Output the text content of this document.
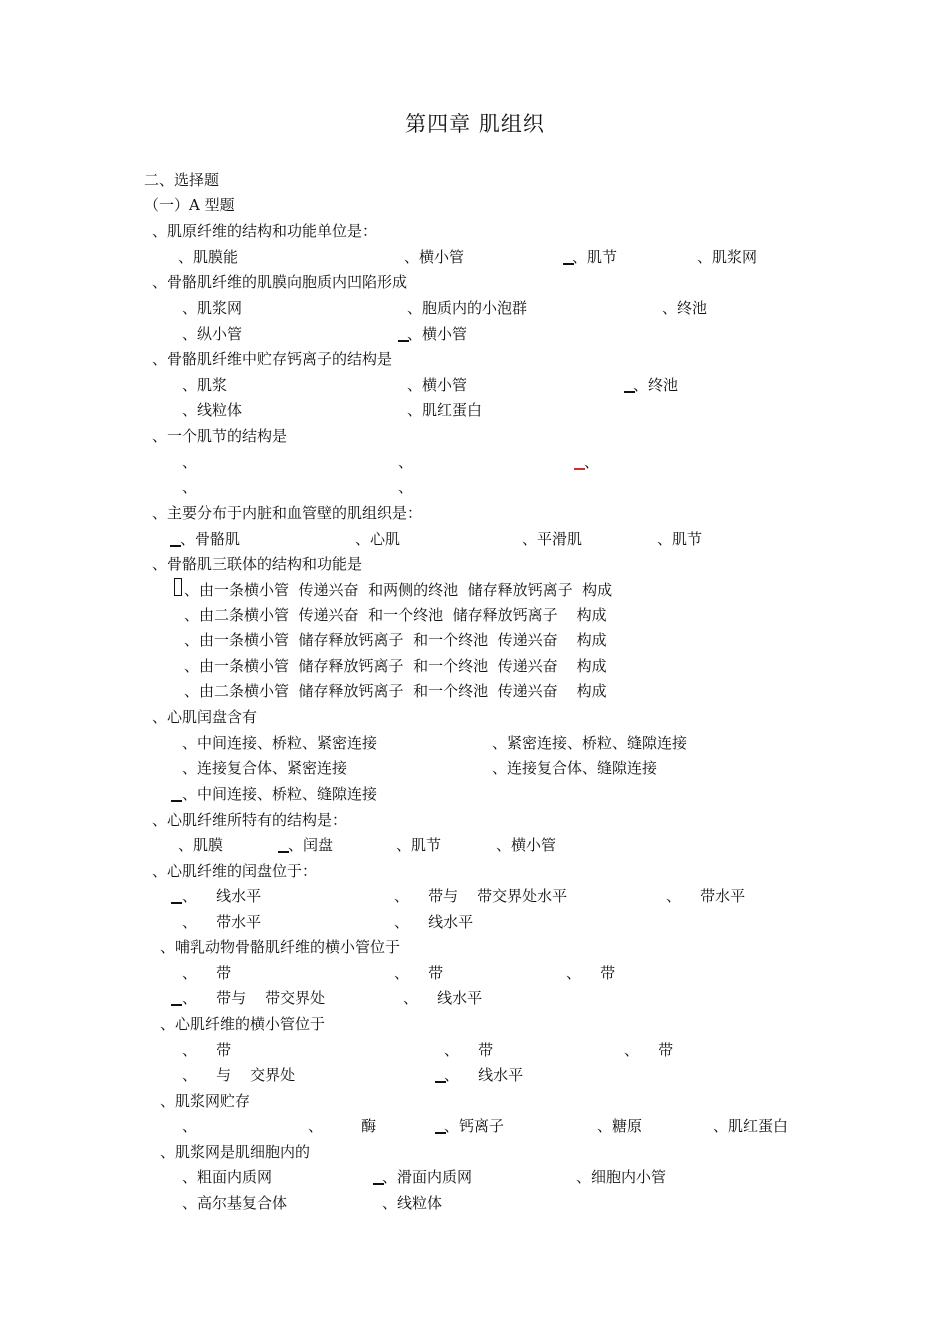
第四章 肌组织
二、选择题
（一）A 型题
、肌原纤维的结构和功能单位是：
、肌膜能	、横小管	、肌节	、肌浆网
、骨骼肌纤维的肌膜向胞质内凹陷形成
、肌浆网	、胞质内的小泡群	、终池
、纵小管	、横小管
、骨骼肌纤维中贮存钙离子的结构是
、肌浆	、横小管	、终池
、线粒体	、肌红蛋白
、一个肌节的结构是
、	、	、
、	、
、主要分布于内脏和血管壁的肌组织是：
、骨骼肌	、心肌	、平滑肌	、肌节
、骨骼肌三联体的结构和功能是
、由一条横小管  传递兴奋  和两侧的终池  储存释放钙离子  构成
、由二条横小管  传递兴奋  和一个终池  储存释放钙离子    构成
、由一条横小管  储存释放钙离子  和一个终池  传递兴奋    构成
、由一条横小管  储存释放钙离子  和一个终池  传递兴奋    构成
、由二条横小管  储存释放钙离子  和一个终池  传递兴奋    构成
、心肌闰盘含有
、中间连接、桥粒、紧密连接	、紧密连接、桥粒、缝隙连接
、连接复合体、紧密连接	、连接复合体、缝隙连接
、中间连接、桥粒、缝隙连接
、心肌纤维所特有的结构是：
、肌膜	、闰盘	、肌节	、横小管
、心肌纤维的闰盘位于：
、    线水平	、    带与    带交界处水平	、    带水平
、    带水平	、    线水平
、哺乳动物骨骼肌纤维的横小管位于
、    带	、    带	、    带
、    带与    带交界处	、    线水平
、心肌纤维的横小管位于
、    带	、    带	、    带
、    与    交界处	、    线水平
、肌浆网贮存
、	、        酶	、钙离子	、糖原	、肌红蛋白
、肌浆网是肌细胞内的
、粗面内质网	、滑面内质网	、细胞内小管
、高尔基复合体	、线粒体
